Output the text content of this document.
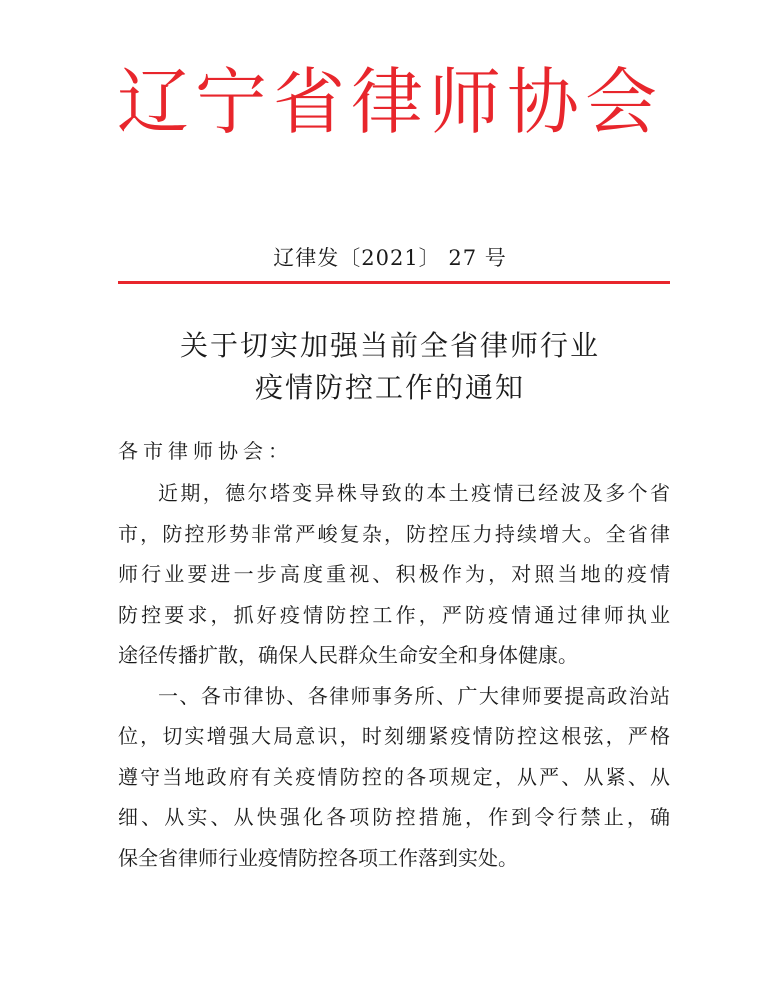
辽宁省律师协会
辽律发〔2021〕 27 号
关于切实加强当前全省律师行业
疫情防控工作的通知
各市律师协会：
近期，德尔塔变异株导致的本土疫情已经波及多个省
市，防控形势非常严峻复杂，防控压力持续增大。全省律
师行业要进一步高度重视、积极作为，对照当地的疫情
防控要求，抓好疫情防控工作，严防疫情通过律师执业
途径传播扩散，确保人民群众生命安全和身体健康。
一、各市律协、各律师事务所、广大律师要提高政治站
位，切实增强大局意识，时刻绷紧疫情防控这根弦，严格
遵守当地政府有关疫情防控的各项规定，从严、从紧、从
细、从实、从快强化各项防控措施，作到令行禁止，确
保全省律师行业疫情防控各项工作落到实处。
